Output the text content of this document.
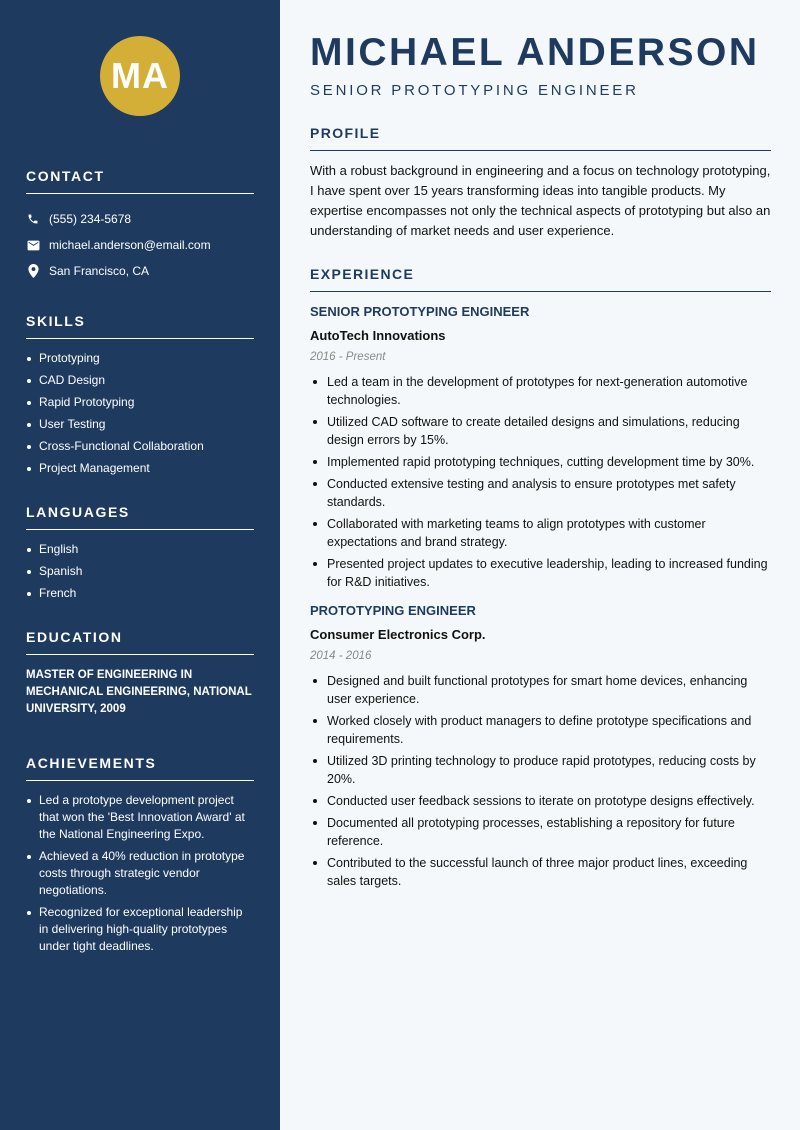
MA
CONTACT
(555) 234-5678
michael.anderson@email.com
San Francisco, CA
SKILLS
Prototyping
CAD Design
Rapid Prototyping
User Testing
Cross-Functional Collaboration
Project Management
LANGUAGES
English
Spanish
French
EDUCATION
MASTER OF ENGINEERING IN MECHANICAL ENGINEERING, NATIONAL UNIVERSITY, 2009
ACHIEVEMENTS
Led a prototype development project that won the 'Best Innovation Award' at the National Engineering Expo.
Achieved a 40% reduction in prototype costs through strategic vendor negotiations.
Recognized for exceptional leadership in delivering high-quality prototypes under tight deadlines.
MICHAEL ANDERSON
SENIOR PROTOTYPING ENGINEER
PROFILE

With a robust background in engineering and a focus on technology prototyping, I have spent over 15 years transforming ideas into tangible products. My expertise encompasses not only the technical aspects of prototyping but also an understanding of market needs and user experience.

EXPERIENCE
SENIOR PROTOTYPING ENGINEER
AutoTech Innovations
2016 - Present
Led a team in the development of prototypes for next-generation automotive technologies.
Utilized CAD software to create detailed designs and simulations, reducing design errors by 15%.
Implemented rapid prototyping techniques, cutting development time by 30%.
Conducted extensive testing and analysis to ensure prototypes met safety standards.
Collaborated with marketing teams to align prototypes with customer expectations and brand strategy.
Presented project updates to executive leadership, leading to increased funding for R&D initiatives.
PROTOTYPING ENGINEER
Consumer Electronics Corp.
2014 - 2016
Designed and built functional prototypes for smart home devices, enhancing user experience.
Worked closely with product managers to define prototype specifications and requirements.
Utilized 3D printing technology to produce rapid prototypes, reducing costs by 20%.
Conducted user feedback sessions to iterate on prototype designs effectively.
Documented all prototyping processes, establishing a repository for future reference.
Contributed to the successful launch of three major product lines, exceeding sales targets.
